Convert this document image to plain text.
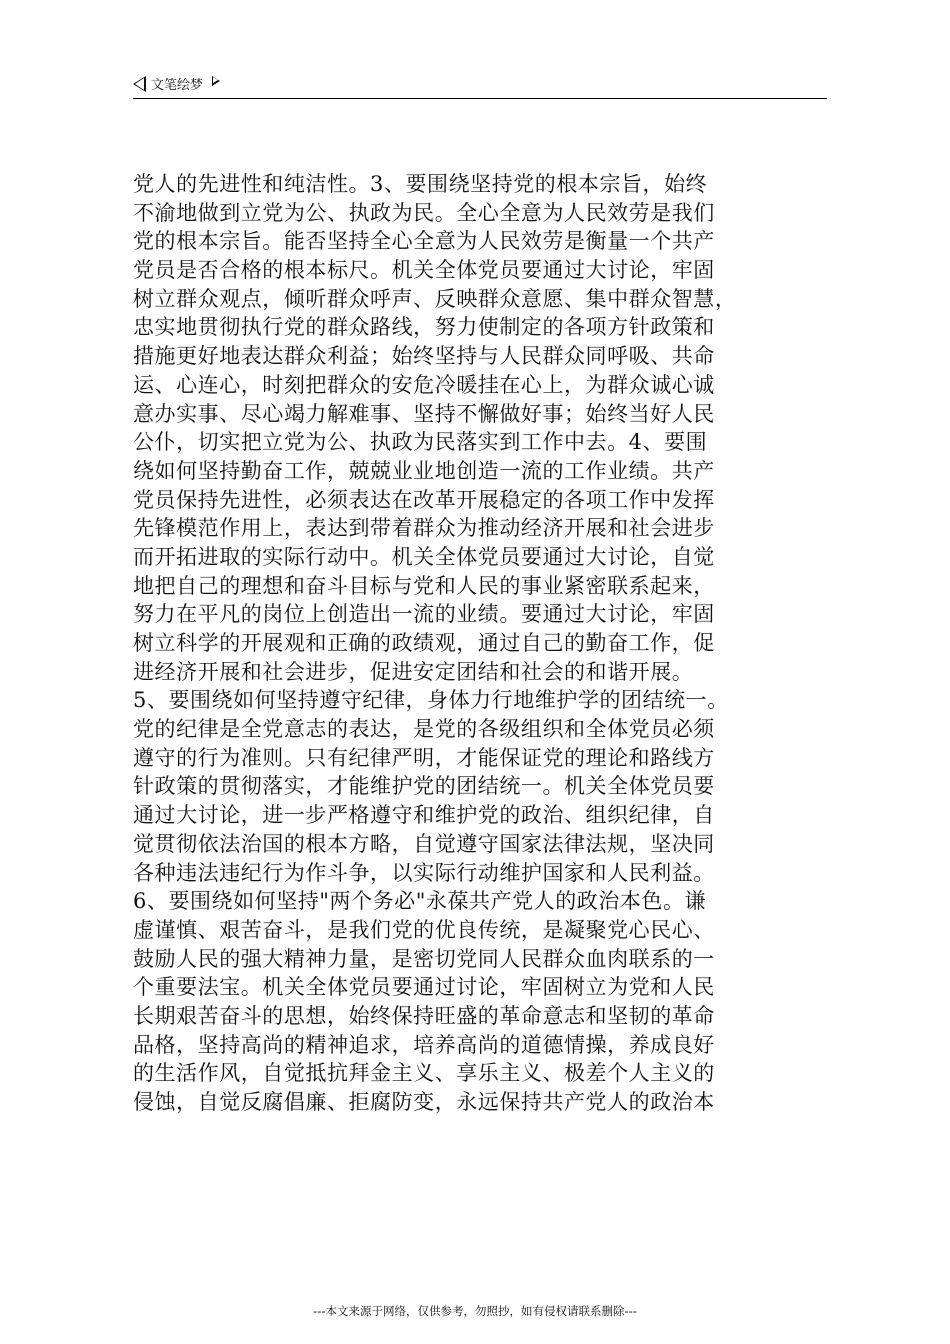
文笔绘梦
党人的先进性和纯洁性。3、要围绕坚持党的根本宗旨，始终
不渝地做到立党为公、执政为民。全心全意为人民效劳是我们
党的根本宗旨。能否坚持全心全意为人民效劳是衡量一个共产
党员是否合格的根本标尺。机关全体党员要通过大讨论，牢固
树立群众观点，倾听群众呼声、反映群众意愿、集中群众智慧，
忠实地贯彻执行党的群众路线，努力使制定的各项方针政策和
措施更好地表达群众利益；始终坚持与人民群众同呼吸、共命
运、心连心，时刻把群众的安危冷暖挂在心上，为群众诚心诚
意办实事、尽心竭力解难事、坚持不懈做好事；始终当好人民
公仆，切实把立党为公、执政为民落实到工作中去。4、要围
绕如何坚持勤奋工作，兢兢业业地创造一流的工作业绩。共产
党员保持先进性，必须表达在改革开展稳定的各项工作中发挥
先锋模范作用上，表达到带着群众为推动经济开展和社会进步
而开拓进取的实际行动中。机关全体党员要通过大讨论，自觉
地把自己的理想和奋斗目标与党和人民的事业紧密联系起来，
努力在平凡的岗位上创造出一流的业绩。要通过大讨论，牢固
树立科学的开展观和正确的政绩观，通过自己的勤奋工作，促
进经济开展和社会进步，促进安定团结和社会的和谐开展。
5、要围绕如何坚持遵守纪律，身体力行地维护学的团结统一。
党的纪律是全党意志的表达，是党的各级组织和全体党员必须
遵守的行为准则。只有纪律严明，才能保证党的理论和路线方
针政策的贯彻落实，才能维护党的团结统一。机关全体党员要
通过大讨论，进一步严格遵守和维护党的政治、组织纪律，自
觉贯彻依法治国的根本方略，自觉遵守国家法律法规，坚决同
各种违法违纪行为作斗争，以实际行动维护国家和人民利益。
6、要围绕如何坚持"两个务必"永葆共产党人的政治本色。谦
虚谨慎、艰苦奋斗，是我们党的优良传统，是凝聚党心民心、
鼓励人民的强大精神力量，是密切党同人民群众血肉联系的一
个重要法宝。机关全体党员要通过讨论，牢固树立为党和人民
长期艰苦奋斗的思想，始终保持旺盛的革命意志和坚韧的革命
品格，坚持高尚的精神追求，培养高尚的道德情操，养成良好
的生活作风，自觉抵抗拜金主义、享乐主义、极差个人主义的
侵蚀，自觉反腐倡廉、拒腐防变，永远保持共产党人的政治本
---本文来源于网络，仅供参考，勿照抄，如有侵权请联系删除---
